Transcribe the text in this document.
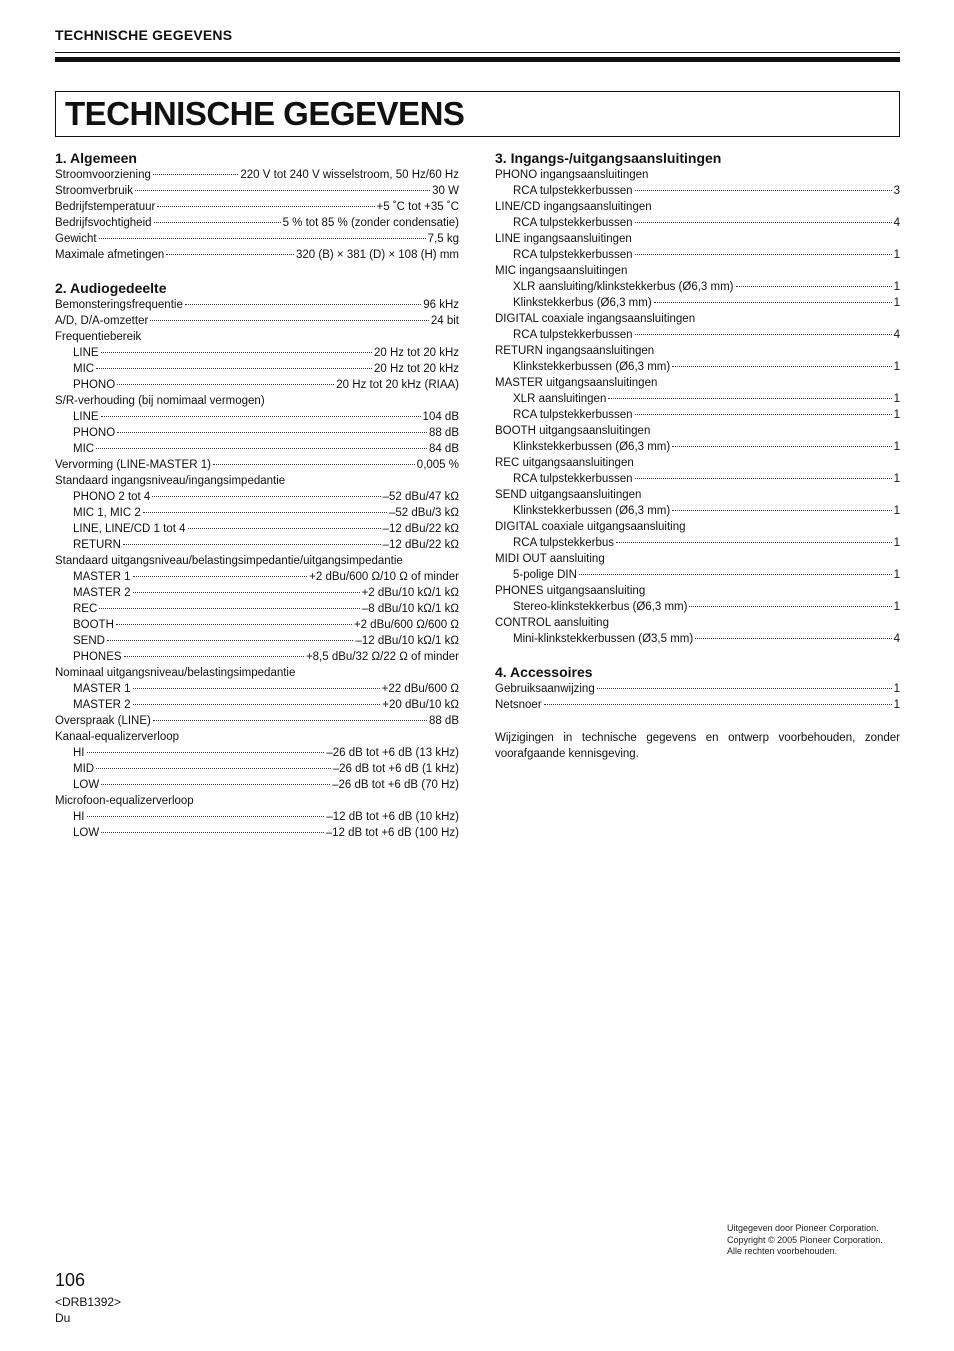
TECHNISCHE GEGEVENS
TECHNISCHE GEGEVENS
1. Algemeen
Stroomvoorziening	220 V tot 240 V wisselstroom, 50 Hz/60 Hz
Stroomverbruik	30 W
Bedrijfstemperatuur	+5 ˚C tot +35 ˚C
Bedrijfsvochtigheid	5 % tot 85 % (zonder condensatie)
Gewicht	7,5 kg
Maximale afmetingen	320 (B) × 381 (D) × 108 (H) mm
2. Audiogedeelte
Bemonsteringsfrequentie	96 kHz
A/D, D/A-omzetter	24 bit
Frequentiebereik
LINE	20 Hz tot 20 kHz
MIC	20 Hz tot 20 kHz
PHONO	20 Hz tot 20 kHz (RIAA)
S/R-verhouding (bij nomimaal vermogen)
LINE	104 dB
PHONO	88 dB
MIC	84 dB
Vervorming (LINE-MASTER 1)	0,005 %
Standaard ingangsniveau/ingangsimpedantie
PHONO 2 tot 4	–52 dBu/47 kΩ
MIC 1, MIC 2	–52 dBu/3 kΩ
LINE, LINE/CD 1 tot 4	–12 dBu/22 kΩ
RETURN	–12 dBu/22 kΩ
Standaard uitgangsniveau/belastingsimpedantie/uitgangsimpedantie
MASTER 1	+2 dBu/600 Ω/10 Ω of minder
MASTER 2	+2 dBu/10 kΩ/1 kΩ
REC	–8 dBu/10 kΩ/1 kΩ
BOOTH	+2 dBu/600 Ω/600 Ω
SEND	–12 dBu/10 kΩ/1 kΩ
PHONES	+8,5 dBu/32 Ω/22 Ω of minder
Nominaal uitgangsniveau/belastingsimpedantie
MASTER 1	+22 dBu/600 Ω
MASTER 2	+20 dBu/10 kΩ
Overspraak (LINE)	88 dB
Kanaal-equalizerverloop
HI	–26 dB tot +6 dB (13 kHz)
MID	–26 dB tot +6 dB (1 kHz)
LOW	–26 dB tot +6 dB (70 Hz)
Microfoon-equalizerverloop
HI	–12 dB tot +6 dB (10 kHz)
LOW	–12 dB tot +6 dB (100 Hz)
3. Ingangs-/uitgangsaansluitingen
PHONO ingangsaansluitingen
RCA tulpstekkerbussen	3
LINE/CD ingangsaansluitingen
RCA tulpstekkerbussen	4
LINE ingangsaansluitingen
RCA tulpstekkerbussen	1
MIC ingangsaansluitingen
XLR aansluiting/klinkstekkerbus (Ø6,3 mm)	1
Klinkstekkerbus (Ø6,3 mm)	1
DIGITAL coaxiale ingangsaansluitingen
RCA tulpstekkerbussen	4
RETURN ingangsaansluitingen
Klinkstekkerbussen (Ø6,3 mm)	1
MASTER uitgangsaansluitingen
XLR aansluitingen	1
RCA tulpstekkerbussen	1
BOOTH uitgangsaansluitingen
Klinkstekkerbussen (Ø6,3 mm)	1
REC uitgangsaansluitingen
RCA tulpstekkerbussen	1
SEND uitgangsaansluitingen
Klinkstekkerbussen (Ø6,3 mm)	1
DIGITAL coaxiale uitgangsaansluiting
RCA tulpstekkerbus	1
MIDI OUT aansluiting
5-polige DIN	1
PHONES uitgangsaansluiting
Stereo-klinkstekkerbus (Ø6,3 mm)	1
CONTROL aansluiting
Mini-klinkstekkerbussen (Ø3,5 mm)	4
4. Accessoires
Gebruiksaanwijzing	1
Netsnoer	1
Wijzigingen in technische gegevens en ontwerp voorbehouden, zonder voorafgaande kennisgeving.
Uitgegeven door Pioneer Corporation.
Copyright © 2005 Pioneer Corporation.
Alle rechten voorbehouden.
106
<DRB1392>
Du
